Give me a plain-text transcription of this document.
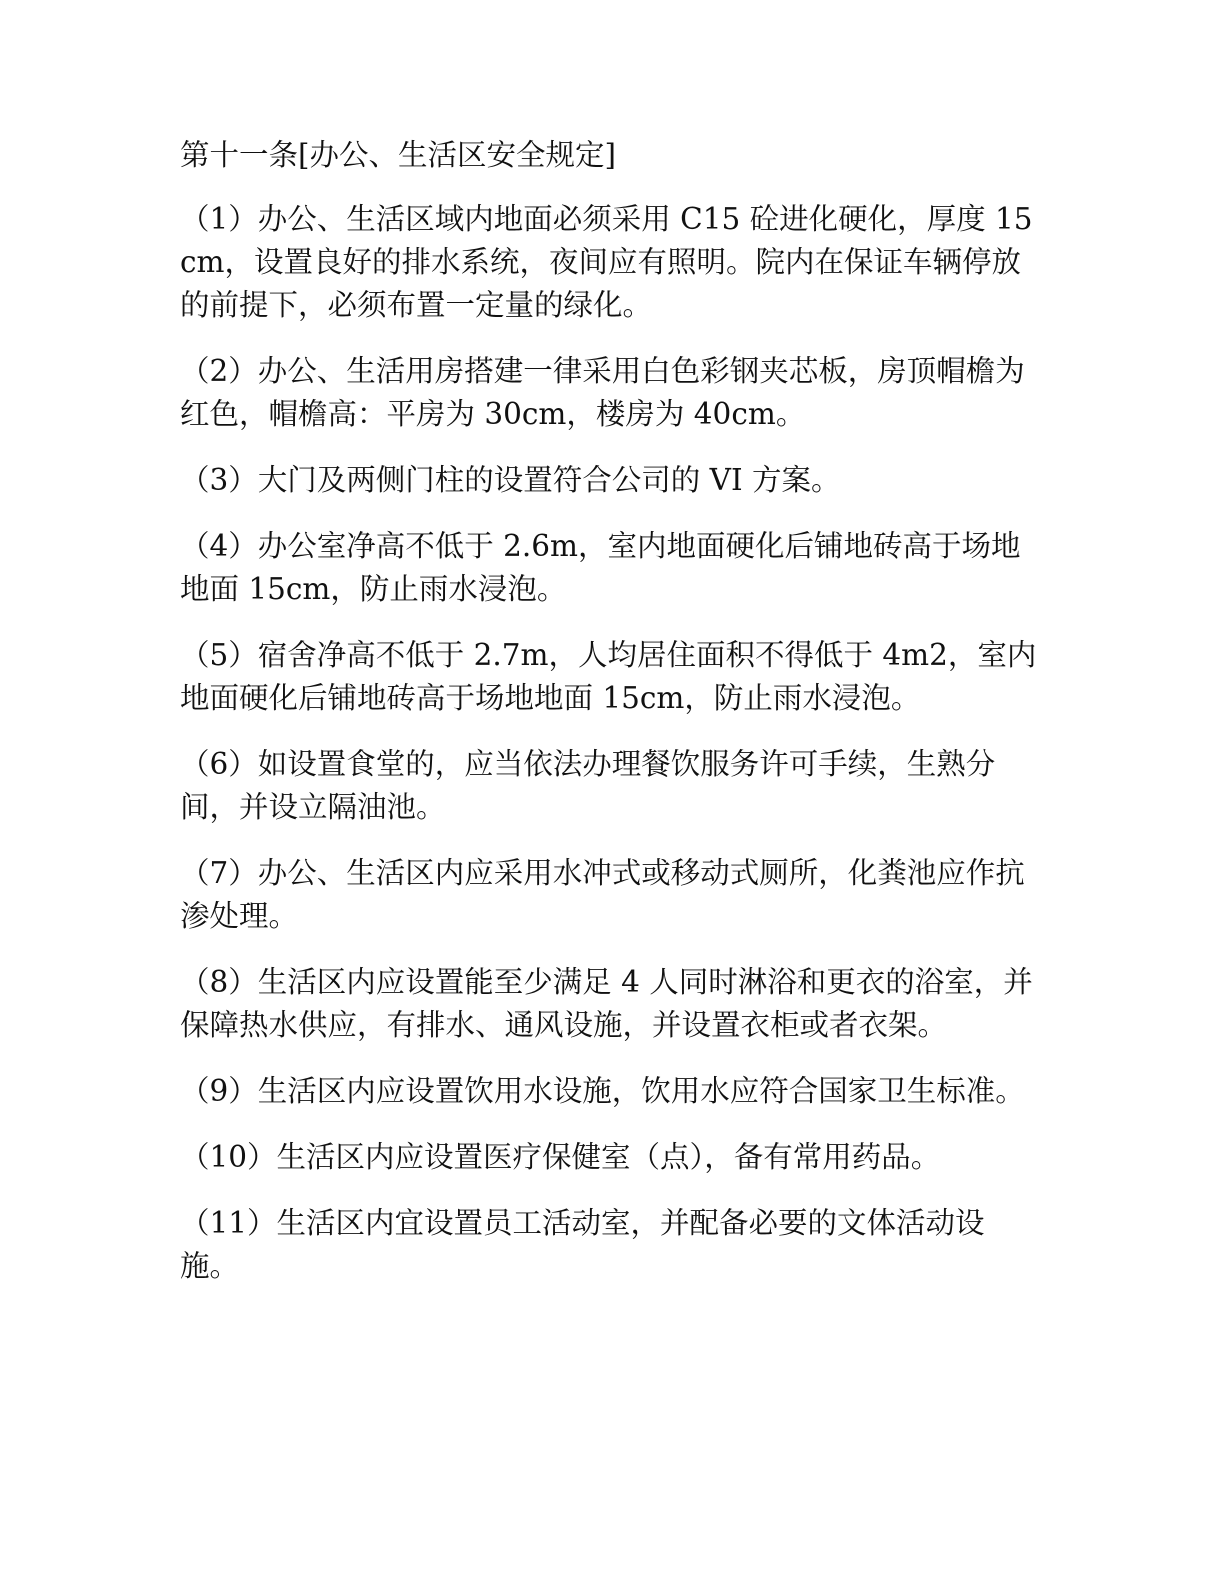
第十一条[办公、生活区安全规定]

（1）办公、生活区域内地面必须采用 C15 砼进化硬化，厚度 15cm，设置良好的排水系统，夜间应有照明。院内在保证车辆停放的前提下，必须布置一定量的绿化。

（2）办公、生活用房搭建一律采用白色彩钢夹芯板，房顶帽檐为红色，帽檐高：平房为 30cm，楼房为 40cm。

（3）大门及两侧门柱的设置符合公司的 VI 方案。

（4）办公室净高不低于 2.6m，室内地面硬化后铺地砖高于场地地面 15cm，防止雨水浸泡。

（5）宿舍净高不低于 2.7m，人均居住面积不得低于 4m2，室内地面硬化后铺地砖高于场地地面 15cm，防止雨水浸泡。

（6）如设置食堂的，应当依法办理餐饮服务许可手续，生熟分间，并设立隔油池。

（7）办公、生活区内应采用水冲式或移动式厕所，化粪池应作抗渗处理。

（8）生活区内应设置能至少满足 4 人同时淋浴和更衣的浴室，并保障热水供应，有排水、通风设施，并设置衣柜或者衣架。

（9）生活区内应设置饮用水设施，饮用水应符合国家卫生标准。

（10）生活区内应设置医疗保健室（点），备有常用药品。

（11）生活区内宜设置员工活动室，并配备必要的文体活动设施。
